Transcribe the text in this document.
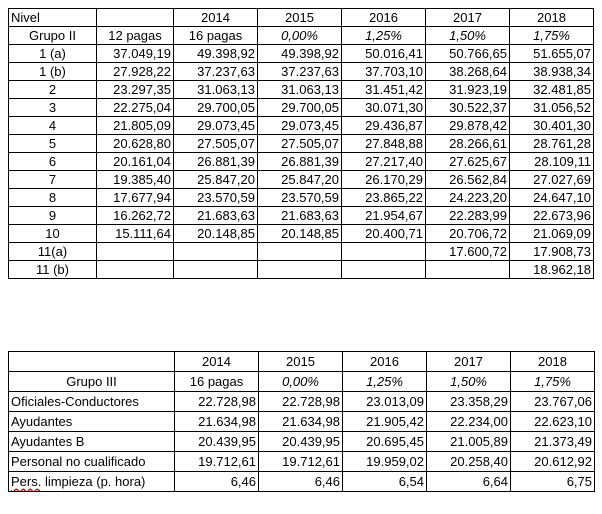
Nivel		2014	2015	2016	2017	2018
Grupo II	12 pagas	16 pagas	0,00%	1,25%	1,50%	1,75%
1 (a)	37.049,19	49.398,92	49.398,92	50.016,41	50.766,65	51.655,07
1 (b)	27.928,22	37.237,63	37.237,63	37.703,10	38.268,64	38.938,34
2	23.297,35	31.063,13	31.063,13	31.451,42	31.923,19	32.481,85
3	22.275,04	29.700,05	29.700,05	30.071,30	30.522,37	31.056,52
4	21.805,09	29.073,45	29.073,45	29.436,87	29.878,42	30.401,30
5	20.628,80	27.505,07	27.505,07	27.848,88	28.266,61	28.761,28
6	20.161,04	26.881,39	26.881,39	27.217,40	27.625,67	28.109,11
7	19.385,40	25.847,20	25.847,20	26.170,29	26.562,84	27.027,69
8	17.677,94	23.570,59	23.570,59	23.865,22	24.223,20	24.647,10
9	16.262,72	21.683,63	21.683,63	21.954,67	22.283,99	22.673,96
10	15.111,64	20.148,85	20.148,85	20.400,71	20.706,72	21.069,09
11(a)					17.600,72	17.908,73
11 (b)						18.962,18
	2014	2015	2016	2017	2018
Grupo III	16 pagas	0,00%	1,25%	1,50%	1,75%
Oficiales-Conductores	22.728,98	22.728,98	23.013,09	23.358,29	23.767,06
Ayudantes	21.634,98	21.634,98	21.905,42	22.234,00	22.623,10
Ayudantes B	20.439,95	20.439,95	20.695,45	21.005,89	21.373,49
Personal no cualificado	19.712,61	19.712,61	19.959,02	20.258,40	20.612,92
Pers. limpieza (p. hora)	6,46	6,46	6,54	6,64	6,75
